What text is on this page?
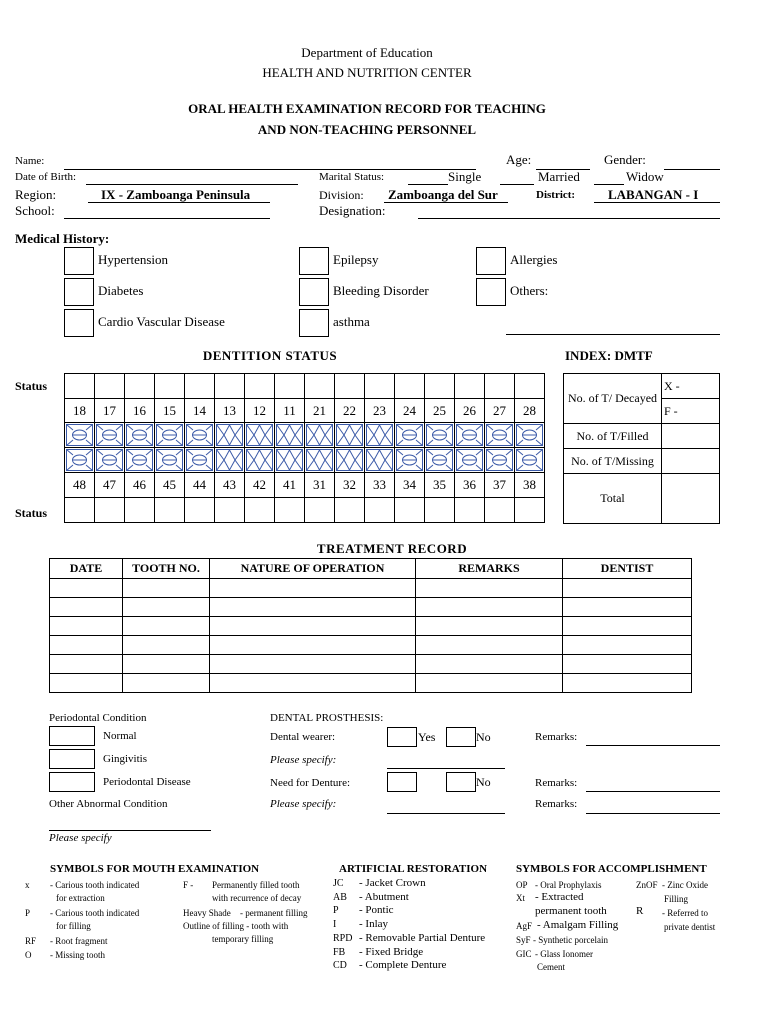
Department of Education
HEALTH AND NUTRITION CENTER
ORAL HEALTH EXAMINATION RECORD FOR TEACHING
AND NON-TEACHING PERSONNEL
Name:	Age:	Gender:
Date of Birth:	Marital Status:	Single	Married	Widow
Region:	IX - Zamboanga Peninsula	Division: Zamboanga del Sur	District:	LABANGAN - I
School:	Designation:
Medical History:
Hypertension	Epilepsy	Allergies
Diabetes	Bleeding Disorder	Others:
Cardio Vascular Disease	asthma
DENTITION STATUS	INDEX: DMTF
Status
Status

18	17	16	15	14	13	12	11	21	22	23	24	25	26	27	28

48	47	46	45	44	43	42	41	31	32	33	34	35	36	37	38

No. of T/ Decayed	X -
	F -
No. of T/Filled	
No. of T/Missing	
Total	
TREATMENT RECORD
DATE	TOOTH NO.	NATURE OF OPERATION	REMARKS	DENTIST

Periodontal Condition
Normal
Gingivitis
Periodontal Disease
Other Abnormal Condition
Please specify
DENTAL PROSTHESIS:
Dental wearer:	Yes	No	Remarks:
Please specify:
Need for Denture:	No	Remarks:
Please specify:	Remarks:
SYMBOLS FOR MOUTH EXAMINATION	ARTIFICIAL RESTORATION	SYMBOLS FOR ACCOMPLISHMENT
x - Carious tooth indicated
for extraction
P - Carious tooth indicated
for filling
RF - Root fragment
O - Missing tooth
F - Permanently filled tooth
with recurrence of decay
Heavy Shade - permanent filling
Outline of filling - tooth with
temporary filling
JC - Jacket Crown
AB - Abutment
P - Pontic
I - Inlay
RPD - Removable Partial Denture
FB - Fixed Bridge
CD - Complete Denture
OP - Oral Prophylaxis
Xt - Extracted
permanent tooth
AgF - Amalgam Filling
SyF - Synthetic porcelain
GIC - Glass Ionomer
Cement
ZnOF - Zinc Oxide
Filling
R - Referred to
private dentist
